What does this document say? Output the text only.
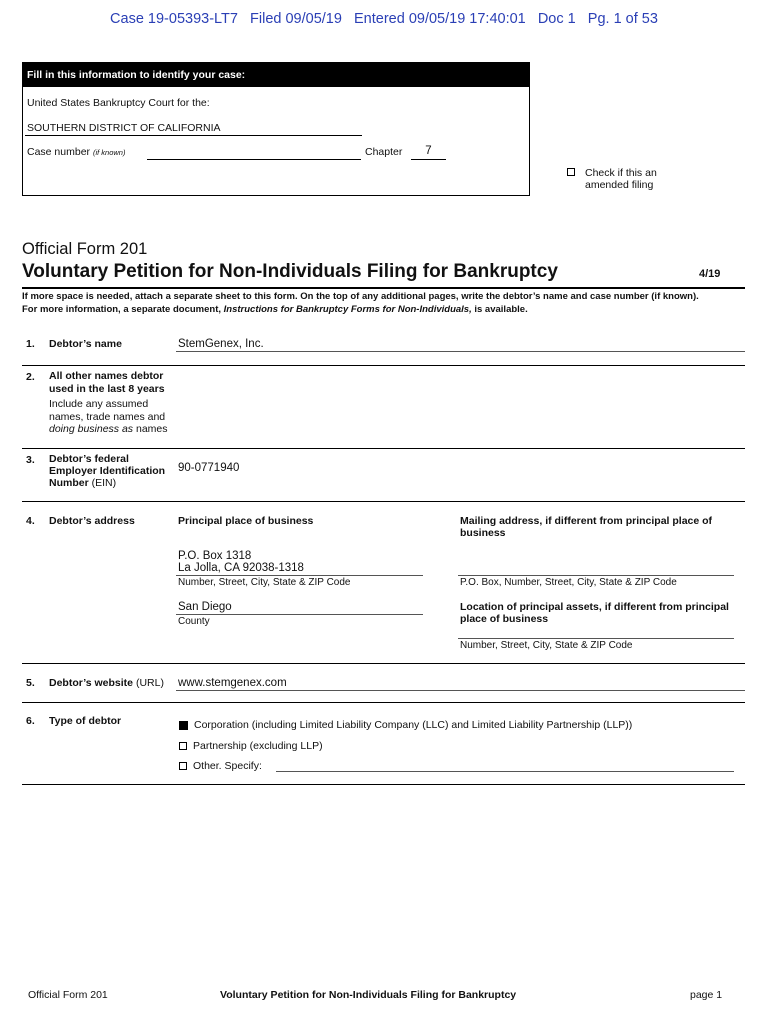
Case 19-05393-LT7   Filed 09/05/19   Entered 09/05/19 17:40:01   Doc 1   Pg. 1 of 53
Fill in this information to identify your case:
United States Bankruptcy Court for the:
SOUTHERN DISTRICT OF CALIFORNIA
Case number (if known)	Chapter	7
Check if this an
amended filing
Official Form 201
Voluntary Petition for Non-Individuals Filing for Bankruptcy	4/19
If more space is needed, attach a separate sheet to this form. On the top of any additional pages, write the debtor’s name and case number (if known).
For more information, a separate document, Instructions for Bankruptcy Forms for Non-Individuals, is available.
1. Debtor’s name	StemGenex, Inc.
2. All other names debtor
used in the last 8 years
Include any assumed
names, trade names and
doing business as names
3. Debtor’s federal
Employer Identification
Number (EIN)
90-0771940
4. Debtor’s address	Principal place of business
P.O. Box 1318
La Jolla, CA 92038-1318
Number, Street, City, State & ZIP Code
San Diego
County
Mailing address, if different from principal place of
business
P.O. Box, Number, Street, City, State & ZIP Code
Location of principal assets, if different from principal
place of business
Number, Street, City, State & ZIP Code
5. Debtor’s website (URL) www.stemgenex.com
6. Type of debtor	Corporation (including Limited Liability Company (LLC) and Limited Liability Partnership (LLP))
Partnership (excluding LLP)
Other. Specify:
Official Form 201	Voluntary Petition for Non-Individuals Filing for Bankruptcy	page 1
